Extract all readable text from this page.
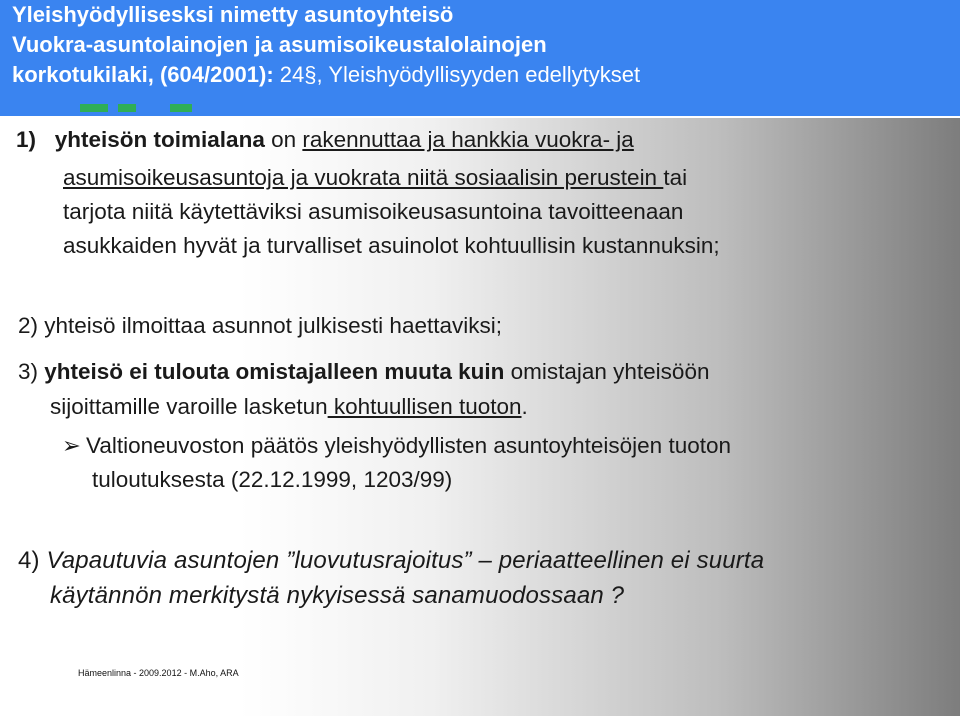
Yleishyödyllisesksi nimetty asuntoyhteisö
Vuokra-asuntolainojen ja asumisoikeustalolainojen
korkotukilaki, (604/2001): 24§, Yleishyödyllisyyden edellytykset
1) yhteisön toimialana on rakennuttaa ja hankkia vuokra- ja
asumisoikeusasuntoja ja vuokrata niitä sosiaalisin perustein tai
tarjota niitä käytettäviksi asumisoikeusasuntoina tavoitteenaan
asukkaiden hyvät ja turvalliset asuinolot kohtuullisin kustannuksin;
2) yhteisö ilmoittaa asunnot julkisesti haettaviksi;
3) yhteisö ei tulouta omistajalleen muuta kuin omistajan yhteisöön
sijoittamille varoille lasketun kohtuullisen tuoton.
➢ Valtioneuvoston päätös yleishyödyllisten asuntoyhteisöjen tuoton
tuloutuksesta (22.12.1999, 1203/99)
4) Vapautuvia asuntojen ”luovutusrajoitus” – periaatteellinen ei suurta
käytännön merkitystä nykyisessä sanamuodossaan ?
Hämeenlinna - 2009.2012 - M.Aho, ARA
